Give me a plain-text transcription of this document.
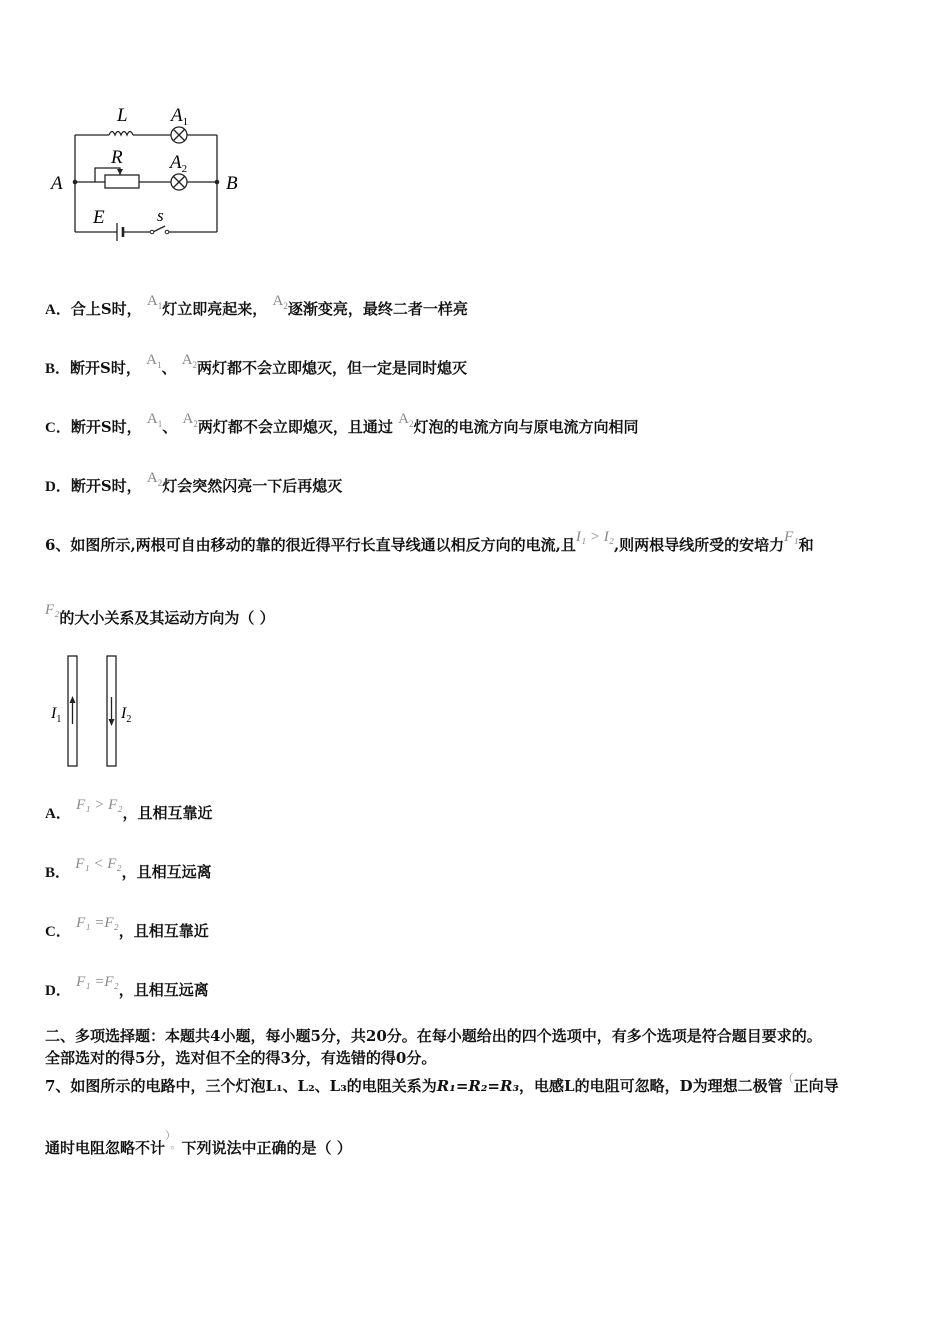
L $A_1$
R $A_2$
A	B
E	s
A．合上S时， $A_1$灯立即亮起来， $A_2$逐渐变亮，最终二者一样亮
B．断开S时， $A_1$、 $A_2$两灯都不会立即熄灭，但一定是同时熄灭
C．断开S时， $A_1$、 $A_2$两灯都不会立即熄灭，且通过 $A_2$灯泡的电流方向与原电流方向相同
D．断开S时， $A_2$灯会突然闪亮一下后再熄灭
6、如图所示,两根可自由移动的靠的很近得平行长直导线通以相反方向的电流,且I₁ > I₂,则两根导线所受的安培力F₁和
F₂的大小关系及其运动方向为（ ）
$I_1$	$I_2$
A． F₁ > F₂，且相互靠近
B． F₁ < F₂，且相互远离
C． F₁ =F₂，且相互靠近
D． F₁ =F₂，且相互远离
二、多项选择题：本题共4小题，每小题5分，共20分。在每小题给出的四个选项中，有多个选项是符合题目要求的。
全部选对的得5分，选对但不全的得3分，有选错的得0分。
7、如图所示的电路中，三个灯泡L₁、L₂、L₃的电阻关系为R₁=R₂=R₃，电感L的电阻可忽略，D为理想二极管（正向导
通时电阻忽略不计）。下列说法中正确的是（ ）
